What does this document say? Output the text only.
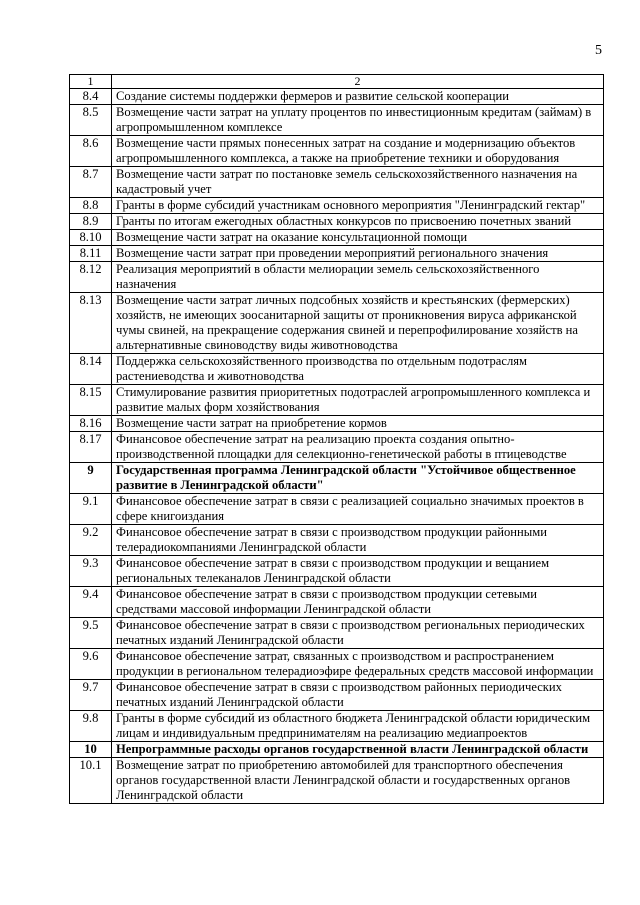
5
1	2
8.4	Создание системы поддержки фермеров и развитие сельской кооперации
8.5	Возмещение части затрат на уплату процентов по инвестиционным кредитам (займам) в агропромышленном комплексе
8.6	Возмещение части прямых понесенных затрат на создание и модернизацию объектов агропромышленного комплекса, а также на приобретение техники и оборудования
8.7	Возмещение части затрат по постановке земель сельскохозяйственного назначения на кадастровый учет
8.8	Гранты в форме субсидий участникам основного мероприятия "Ленинградский гектар"
8.9	Гранты по итогам ежегодных областных конкурсов по присвоению почетных званий
8.10	Возмещение части затрат на оказание консультационной помощи
8.11	Возмещение части затрат при проведении мероприятий регионального значения
8.12	Реализация мероприятий в области мелиорации земель сельскохозяйственного назначения
8.13	Возмещение части затрат личных подсобных хозяйств и крестьянских (фермерских) хозяйств, не имеющих зоосанитарной защиты от проникновения вируса африканской чумы свиней, на прекращение содержания свиней и перепрофилирование хозяйств на альтернативные свиноводству виды животноводства
8.14	Поддержка сельскохозяйственного производства по отдельным подотраслям растениеводства и животноводства
8.15	Стимулирование развития приоритетных подотраслей агропромышленного комплекса и развитие малых форм хозяйствования
8.16	Возмещение части затрат на приобретение кормов
8.17	Финансовое обеспечение затрат на реализацию проекта создания опытно-производственной площадки для селекционно-генетической работы в птицеводстве
9	Государственная программа Ленинградской области "Устойчивое общественное развитие в Ленинградской области"
9.1	Финансовое обеспечение затрат в связи с реализацией социально значимых проектов в сфере книгоиздания
9.2	Финансовое обеспечение затрат в связи с производством продукции районными телерадиокомпаниями Ленинградской области
9.3	Финансовое обеспечение затрат в связи с производством продукции и вещанием региональных телеканалов Ленинградской области
9.4	Финансовое обеспечение затрат в связи с производством продукции сетевыми средствами массовой информации Ленинградской области
9.5	Финансовое обеспечение затрат в связи с производством региональных периодических печатных изданий Ленинградской области
9.6	Финансовое обеспечение затрат, связанных с производством и распространением продукции в региональном телерадиоэфире федеральных средств массовой информации
9.7	Финансовое обеспечение затрат в связи с производством районных периодических печатных изданий Ленинградской области
9.8	Гранты в форме субсидий из областного бюджета Ленинградской области юридическим лицам и индивидуальным предпринимателям на реализацию медиапроектов
10	Непрограммные расходы органов государственной власти Ленинградской области
10.1	Возмещение затрат по приобретению автомобилей для транспортного обеспечения органов государственной власти Ленинградской области и государственных органов Ленинградской области
